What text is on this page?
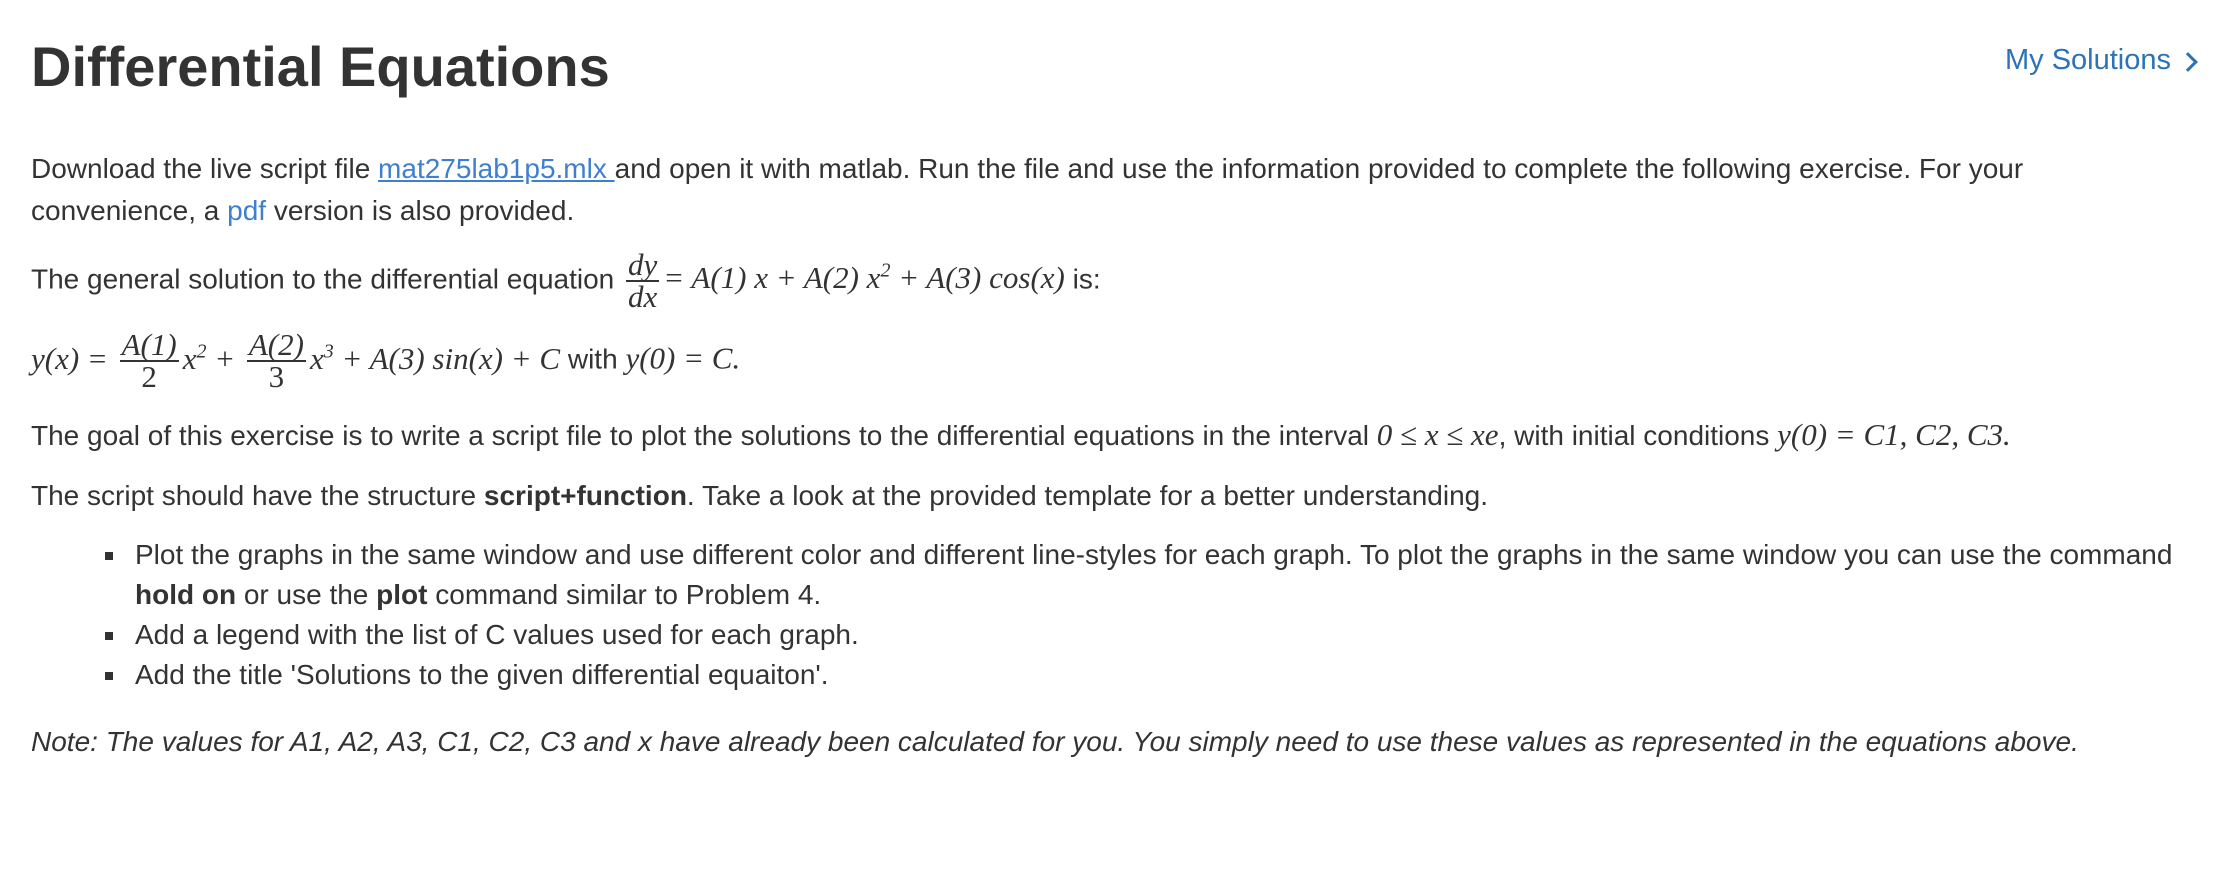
Differential Equations	My Solutions

Download the live script file mat275lab1p5.mlx and open it with matlab. Run the file and use the information provided to complete the following exercise. For your convenience, a pdf version is also provided.

The general solution to the differential equation $\frac{dy}{dx} = A(1) x + A(2) x^2 + A(3)$ cos(x) is:

$y(x) = \frac{A(1)}{2} x^2 + \frac{A(2)}{3} x^3 + A(3) \sin(x) + C$ with y(0) = C.

The goal of this exercise is to write a script file to plot the solutions to the differential equations in the interval 0 ≤ x ≤ xe, with initial conditions y(0) = C1, C2, C3.

The script should have the structure script+function. Take a look at the provided template for a better understanding.

Plot the graphs in the same window and use different color and different line-styles for each graph. To plot the graphs in the same window you can use the command hold on or use the plot command similar to Problem 4.
Add a legend with the list of C values used for each graph.
Add the title 'Solutions to the given differential equaiton'.

Note: The values for A1, A2, A3, C1, C2, C3 and x have already been calculated for you. You simply need to use these values as represented in the equations above.
